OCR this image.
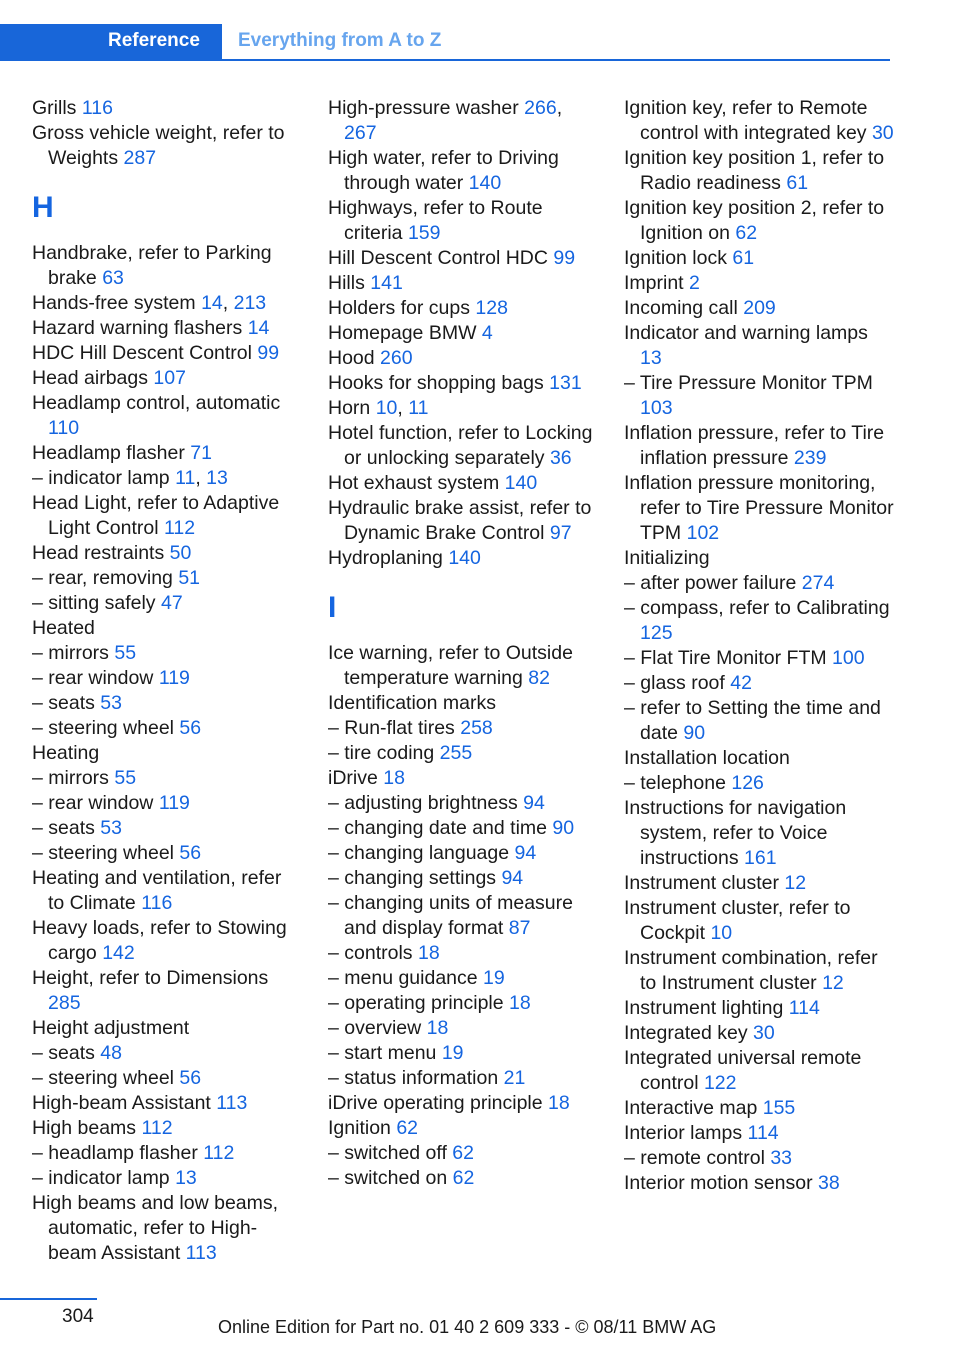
Reference Everything from A to Z
Grills 116
Gross vehicle weight, refer to Weights 287
H
Handbrake, refer to Parking brake 63
Hands-free system 14, 213
Hazard warning flashers 14
HDC Hill Descent Control 99
Head airbags 107
Headlamp control, automatic 110
Headlamp flasher 71
– indicator lamp 11, 13
Head Light, refer to Adaptive Light Control 112
Head restraints 50
– rear, removing 51
– sitting safely 47
Heated
– mirrors 55
– rear window 119
– seats 53
– steering wheel 56
Heating
– mirrors 55
– rear window 119
– seats 53
– steering wheel 56
Heating and ventilation, refer to Climate 116
Heavy loads, refer to Stowing cargo 142
Height, refer to Dimensions 285
Height adjustment
– seats 48
– steering wheel 56
High-beam Assistant 113
High beams 112
– headlamp flasher 112
– indicator lamp 13
High beams and low beams, automatic, refer to High-beam Assistant 113
High-pressure washer 266, 267
High water, refer to Driving through water 140
Highways, refer to Route criteria 159
Hill Descent Control HDC 99
Hills 141
Holders for cups 128
Homepage BMW 4
Hood 260
Hooks for shopping bags 131
Horn 10, 11
Hotel function, refer to Locking or unlocking separately 36
Hot exhaust system 140
Hydraulic brake assist, refer to Dynamic Brake Control 97
Hydroplaning 140
I
Ice warning, refer to Outside temperature warning 82
Identification marks
– Run-flat tires 258
– tire coding 255
iDrive 18
– adjusting brightness 94
– changing date and time 90
– changing language 94
– changing settings 94
– changing units of measure and display format 87
– controls 18
– menu guidance 19
– operating principle 18
– overview 18
– start menu 19
– status information 21
iDrive operating principle 18
Ignition 62
– switched off 62
– switched on 62
Ignition key, refer to Remote control with integrated key 30
Ignition key position 1, refer to Radio readiness 61
Ignition key position 2, refer to Ignition on 62
Ignition lock 61
Imprint 2
Incoming call 209
Indicator and warning lamps 13
– Tire Pressure Monitor TPM 103
Inflation pressure, refer to Tire inflation pressure 239
Inflation pressure monitoring, refer to Tire Pressure Monitor TPM 102
Initializing
– after power failure 274
– compass, refer to Calibrating 125
– Flat Tire Monitor FTM 100
– glass roof 42
– refer to Setting the time and date 90
Installation location
– telephone 126
Instructions for navigation system, refer to Voice instructions 161
Instrument cluster 12
Instrument cluster, refer to Cockpit 10
Instrument combination, refer to Instrument cluster 12
Instrument lighting 114
Integrated key 30
Integrated universal remote control 122
Interactive map 155
Interior lamps 114
– remote control 33
Interior motion sensor 38
304	Online Edition for Part no. 01 40 2 609 333 - © 08/11 BMW AG
